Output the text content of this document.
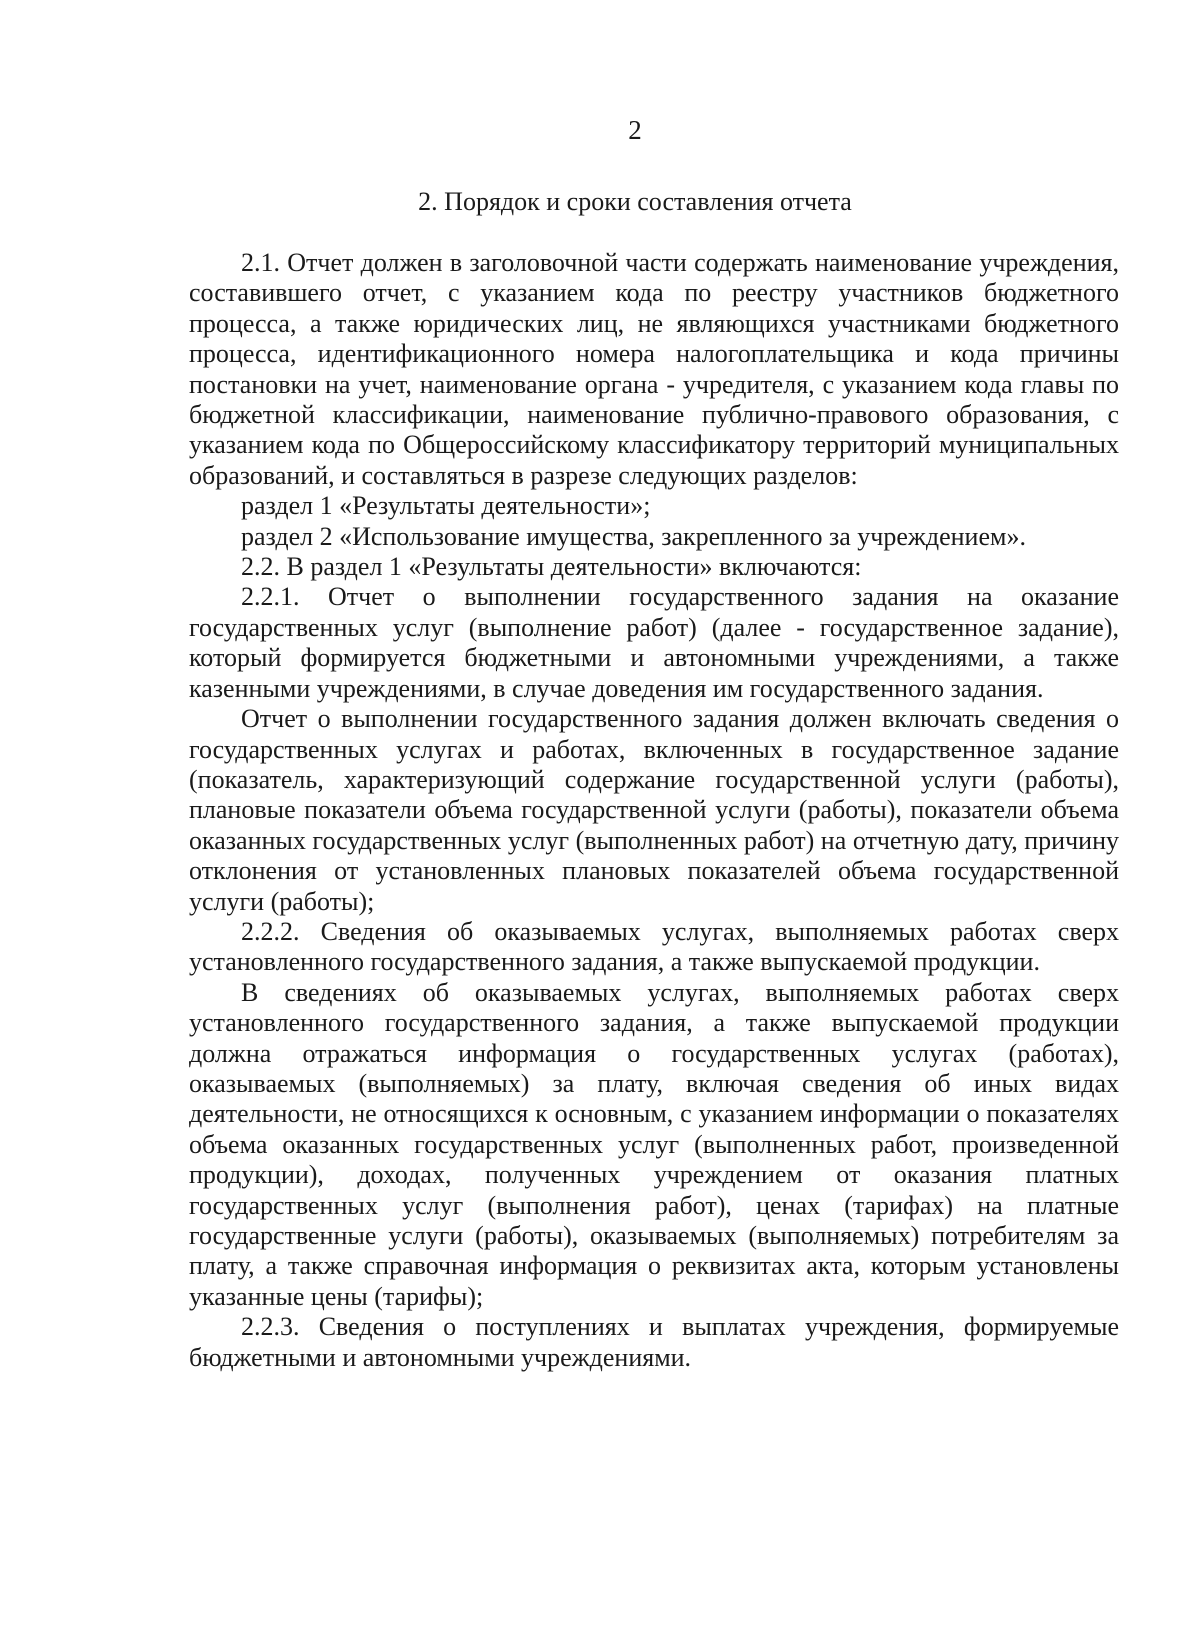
2
2. Порядок и сроки составления отчета

2.1. Отчет должен в заголовочной части содержать наименование учреждения, составившего отчет, с указанием кода по реестру участников бюджетного процесса, а также юридических лиц, не являющихся участниками бюджетного процесса, идентификационного номера налогоплательщика и кода причины постановки на учет, наименование органа - учредителя, с указанием кода главы по бюджетной классификации, наименование публично-правового образования, с указанием кода по Общероссийскому классификатору территорий муниципальных образований, и составляться в разрезе следующих разделов:

раздел 1 «Результаты деятельности»;

раздел 2 «Использование имущества, закрепленного за учреждением».

2.2. В раздел 1 «Результаты деятельности» включаются:

2.2.1. Отчет о выполнении государственного задания на оказание государственных услуг (выполнение работ) (далее - государственное задание), который формируется бюджетными и автономными учреждениями, а также казенными учреждениями, в случае доведения им государственного задания.

Отчет о выполнении государственного задания должен включать сведения о государственных услугах и работах, включенных в государственное задание (показатель, характеризующий содержание государственной услуги (работы), плановые показатели объема государственной услуги (работы), показатели объема оказанных государственных услуг (выполненных работ) на отчетную дату, причину отклонения от установленных плановых показателей объема государственной услуги (работы);

2.2.2. Сведения об оказываемых услугах, выполняемых работах сверх установленного государственного задания, а также выпускаемой продукции.

В сведениях об оказываемых услугах, выполняемых работах сверх установленного государственного задания, а также выпускаемой продукции должна отражаться информация о государственных услугах (работах), оказываемых (выполняемых) за плату, включая сведения об иных видах деятельности, не относящихся к основным, с указанием информации о показателях объема оказанных государственных услуг (выполненных работ, произведенной продукции), доходах, полученных учреждением от оказания платных государственных услуг (выполнения работ), ценах (тарифах) на платные государственные услуги (работы), оказываемых (выполняемых) потребителям за плату, а также справочная информация о реквизитах акта, которым установлены указанные цены (тарифы);

2.2.3. Сведения о поступлениях и выплатах учреждения, формируемые бюджетными и автономными учреждениями.
